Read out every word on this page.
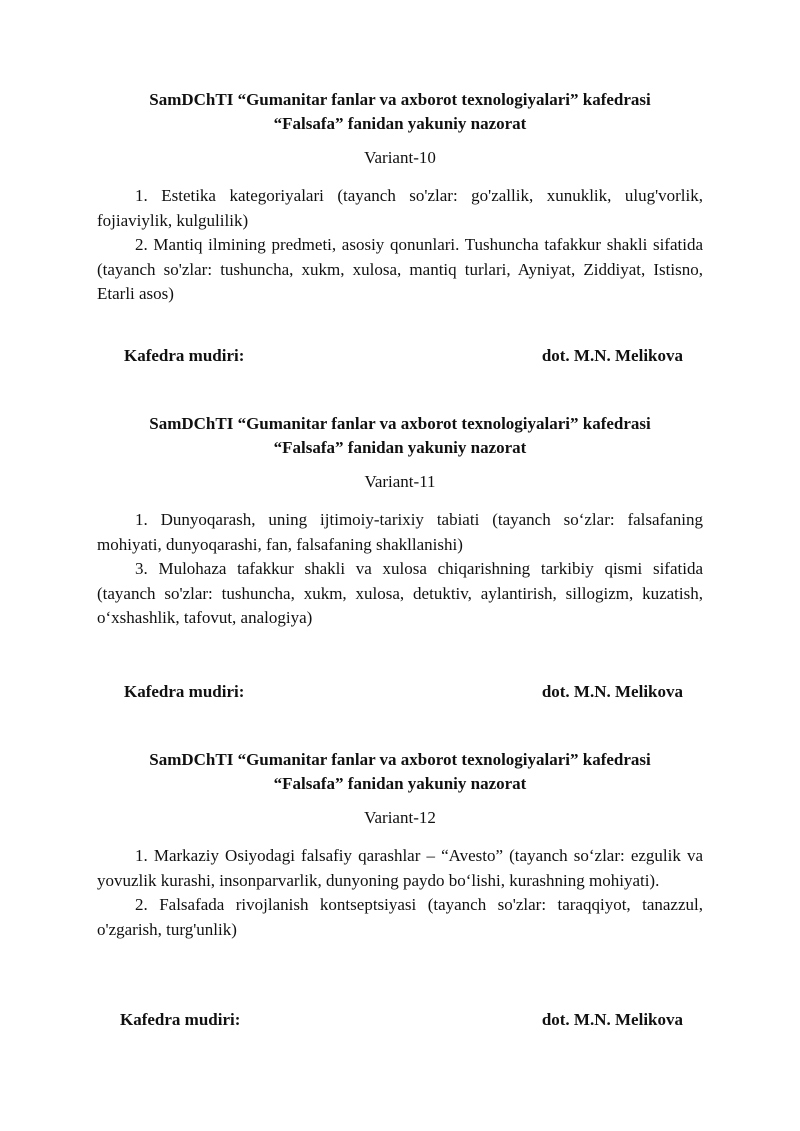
SamDChTI “Gumanitar fanlar va axborot texnologiyalari” kafedrasi

“Falsafa” fanidan yakuniy nazorat

Variant-10

1. Estetika kategoriyalari (tayanch so'zlar: go'zallik, xunuklik, ulug'vorlik, fojiaviylik, kulgulilik)

2. Mantiq ilmining predmeti, asosiy qonunlari. Tushuncha tafakkur shakli sifatida (tayanch so'zlar: tushuncha, xukm, xulosa, mantiq turlari, Ayniyat, Ziddiyat, Istisno, Etarli asos)

Kafedra mudiri:	dot. M.N. Melikova

SamDChTI “Gumanitar fanlar va axborot texnologiyalari” kafedrasi

“Falsafa” fanidan yakuniy nazorat

Variant-11

1. Dunyoqarash, uning ijtimoiy-tarixiy tabiati (tayanch so‘zlar: falsafaning mohiyati, dunyoqarashi, fan, falsafaning shakllanishi)

3. Mulohaza tafakkur shakli va xulosa chiqarishning tarkibiy qismi sifatida (tayanch so'zlar: tushuncha, xukm, xulosa, detuktiv, aylantirish, sillogizm, kuzatish, o‘xshashlik, tafovut, analogiya)

Kafedra mudiri:	dot. M.N. Melikova

SamDChTI “Gumanitar fanlar va axborot texnologiyalari” kafedrasi

“Falsafa” fanidan yakuniy nazorat

Variant-12

1. Markaziy Osiyodagi falsafiy qarashlar – “Avesto” (tayanch so‘zlar: ezgulik va yovuzlik kurashi, insonparvarlik, dunyoning paydo bo‘lishi, kurashning mohiyati).

2. Falsafada rivojlanish kontseptsiyasi (tayanch so'zlar: taraqqiyot, tanazzul, o'zgarish, turg'unlik)

Kafedra mudiri:	dot. M.N. Melikova
